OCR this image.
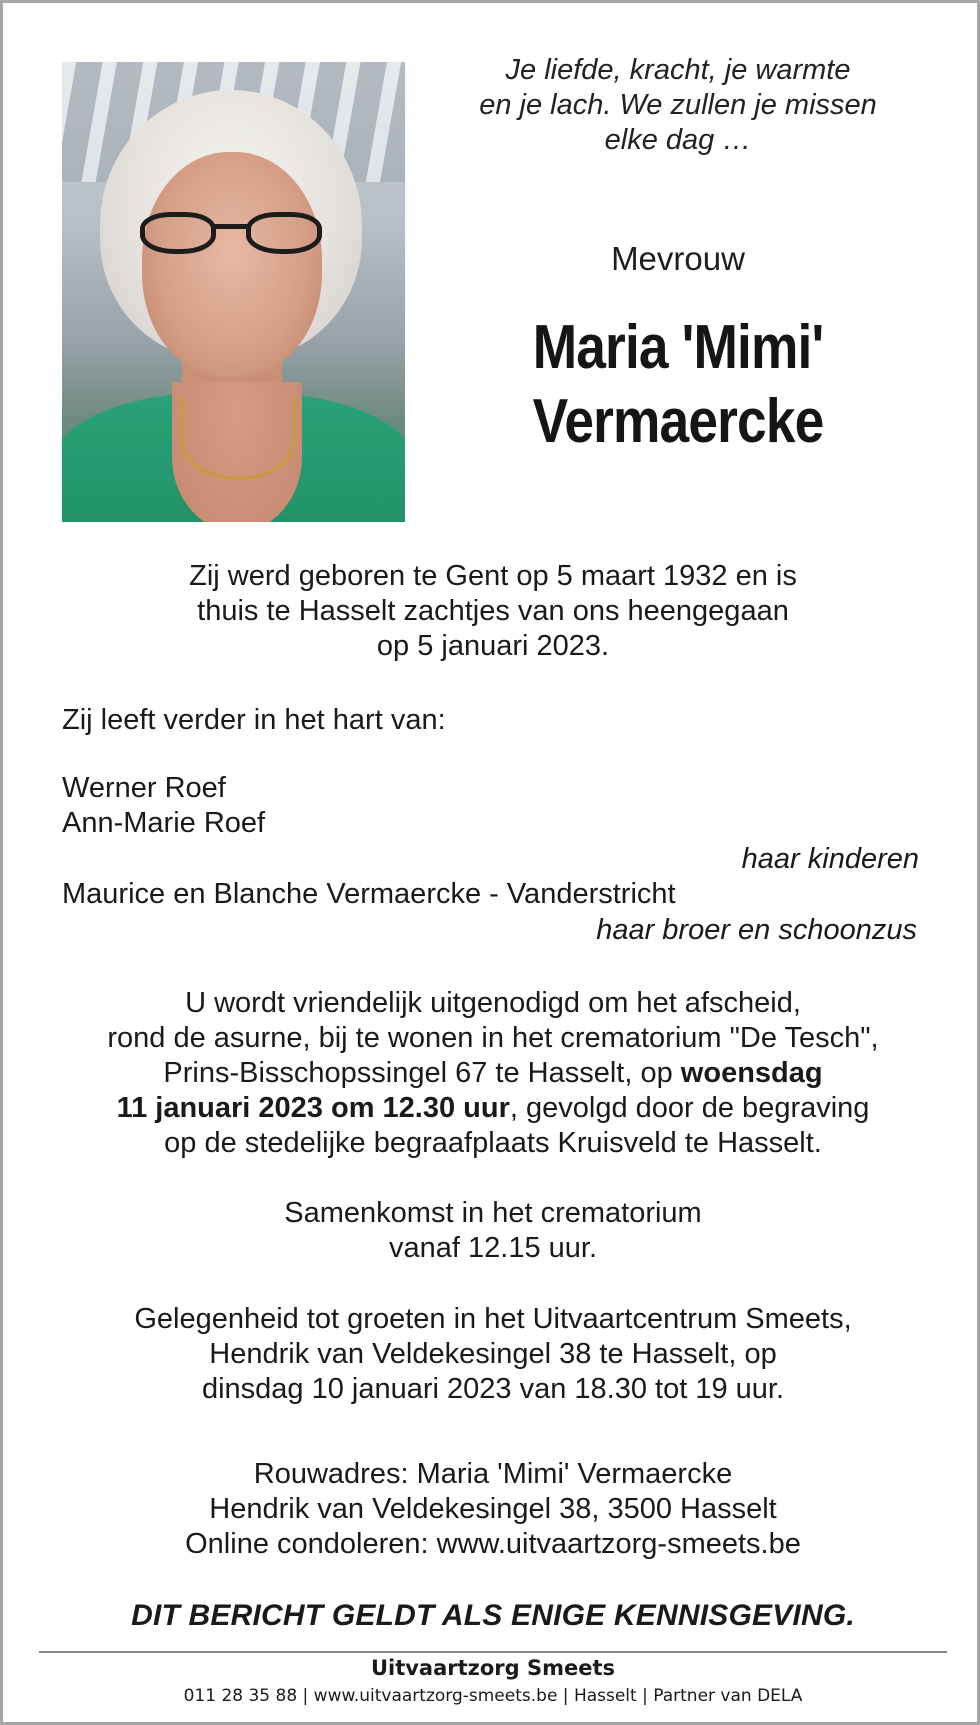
Je liefde, kracht, je warmte
en je lach. We zullen je missen
elke dag …
Mevrouw
Maria 'Mimi'
Vermaercke
Zij werd geboren te Gent op 5 maart 1932 en is
thuis te Hasselt zachtjes van ons heengegaan
op 5 januari 2023.
Zij leeft verder in het hart van:
Werner Roef
Ann-Marie Roef
haar kinderen
Maurice en Blanche Vermaercke - Vanderstricht
haar broer en schoonzus
U wordt vriendelijk uitgenodigd om het afscheid,
rond de asurne, bij te wonen in het crematorium "De Tesch",
Prins-Bisschopssingel 67 te Hasselt, op woensdag
11 januari 2023 om 12.30 uur, gevolgd door de begraving
op de stedelijke begraafplaats Kruisveld te Hasselt.
Samenkomst in het crematorium
vanaf 12.15 uur.
Gelegenheid tot groeten in het Uitvaartcentrum Smeets,
Hendrik van Veldekesingel 38 te Hasselt, op
dinsdag 10 januari 2023 van 18.30 tot 19 uur.
Rouwadres: Maria 'Mimi' Vermaercke
Hendrik van Veldekesingel 38, 3500 Hasselt
Online condoleren: www.uitvaartzorg-smeets.be
DIT BERICHT GELDT ALS ENIGE KENNISGEVING.
Uitvaartzorg Smeets
011 28 35 88 | www.uitvaartzorg-smeets.be | Hasselt | Partner van DELA
